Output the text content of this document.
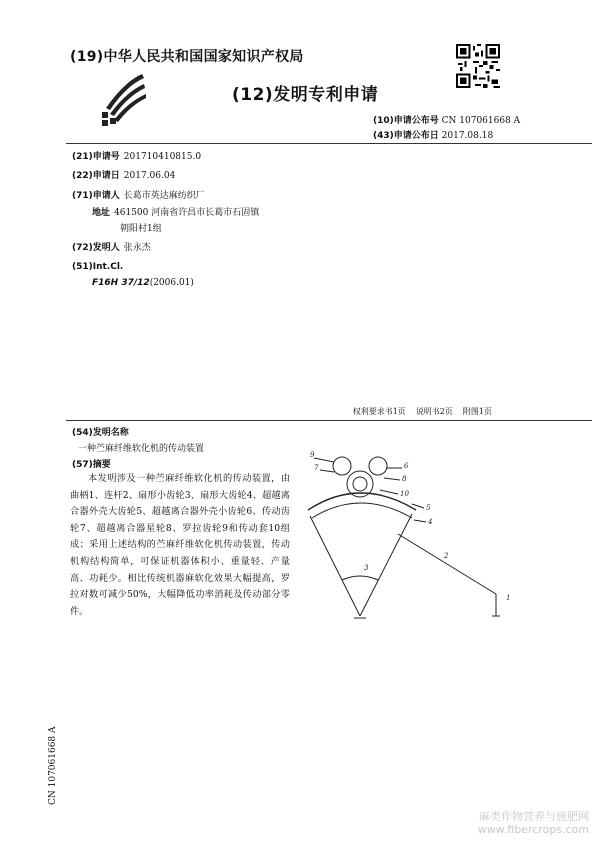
(19)中华人民共和国国家知识产权局
(12)发明专利申请
(10)申请公布号 CN 107061668 A
(43)申请公布日 2017.08.18
(21)申请号 201710410815.0
(22)申请日 2017.06.04
(71)申请人 长葛市英达麻纺织厂
地址 461500 河南省许昌市长葛市石固镇
朝阳村1组
(72)发明人 张永杰
(51)Int.Cl.
F16H 37/12(2006.01)
权利要求书1页 说明书2页 附图1页
(54)发明名称
一种苎麻纤维软化机的传动装置
(57)摘要
本发明涉及一种苎麻纤维软化机的传动装置，由曲柄1、连杆2、扇形小齿轮3、扇形大齿轮4、超越离合器外壳大齿轮5、超越离合器外壳小齿轮6、传动齿轮7、超越离合器星轮8、罗拉齿轮9和传动套10组成；采用上述结构的苎麻纤维软化机传动装置，传动机构结构简单，可保证机器体积小、重量轻、产量高、功耗少。相比传统机器麻软化效果大幅提高，罗拉对数可减少50%，大幅降低功率消耗及传动部分零件。
9
7	6
8
10
5
4
2
3
1
CN 107061668 A
麻类作物营养与施肥网
www.fibercrops.com
